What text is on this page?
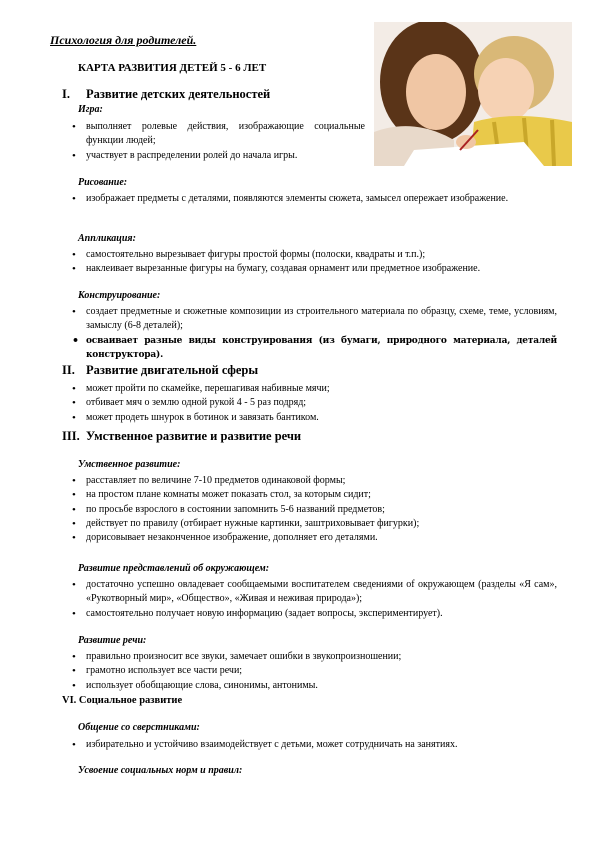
Психология для родителей.
КАРТА РАЗВИТИЯ ДЕТЕЙ 5 - 6 ЛЕТ
I. Развитие детских деятельностей
Игра:
• выполняет ролевые действия, изображающие социальные функции людей;
• участвует в распределении ролей до начала игры.
Рисование:
• изображает предметы с деталями, появляются элементы сюжета, замысел опережает изображение.
Аппликация:
• самостоятельно вырезывает фигуры простой формы (полоски, квадраты и т.п.);
• наклеивает вырезанные фигуры на бумагу, создавая орнамент или предметное изображение.
Конструирование:
• создает предметные и сюжетные композиции из строительного материала по образцу, схеме, теме, условиям, замыслу (6-8 деталей);
• осваивает разные виды конструирования (из бумаги, природного материала, деталей конструктора).
II. Развитие двигательной сферы
• может пройти по скамейке, перешагивая набивные мячи;
• отбивает мяч о землю одной рукой 4 - 5 раз подряд;
• может продеть шнурок в ботинок и завязать бантиком.
III. Умственное развитие и развитие речи
Умственное развитие:
• расставляет по величине 7-10 предметов одинаковой формы;
• на простом плане комнаты может показать стол, за которым сидит;
• по просьбе взрослого в состоянии запомнить 5-6 названий предметов;
• действует по правилу (отбирает нужные картинки, заштриховывает фигурки);
• дорисовывает незаконченное изображение, дополняет его деталями.
Развитие представлений об окружающем:
• достаточно успешно овладевает сообщаемыми воспитателем сведениями of окружающем (разделы «Я сам», «Рукотворный мир», «Общество», «Живая и неживая природа»);
• самостоятельно получает новую информацию (задает вопросы, экспериментирует).
Развитие речи:
• правильно произносит все звуки, замечает ошибки в звукопроизношении;
• грамотно использует все части речи;
• использует обобщающие слова, синонимы, антонимы.
VI. Социальное развитие
Общение со сверстниками:
• избирательно и устойчиво взаимодействует с детьми, может сотрудничать на занятиях.
Усвоение социальных норм и правил:
